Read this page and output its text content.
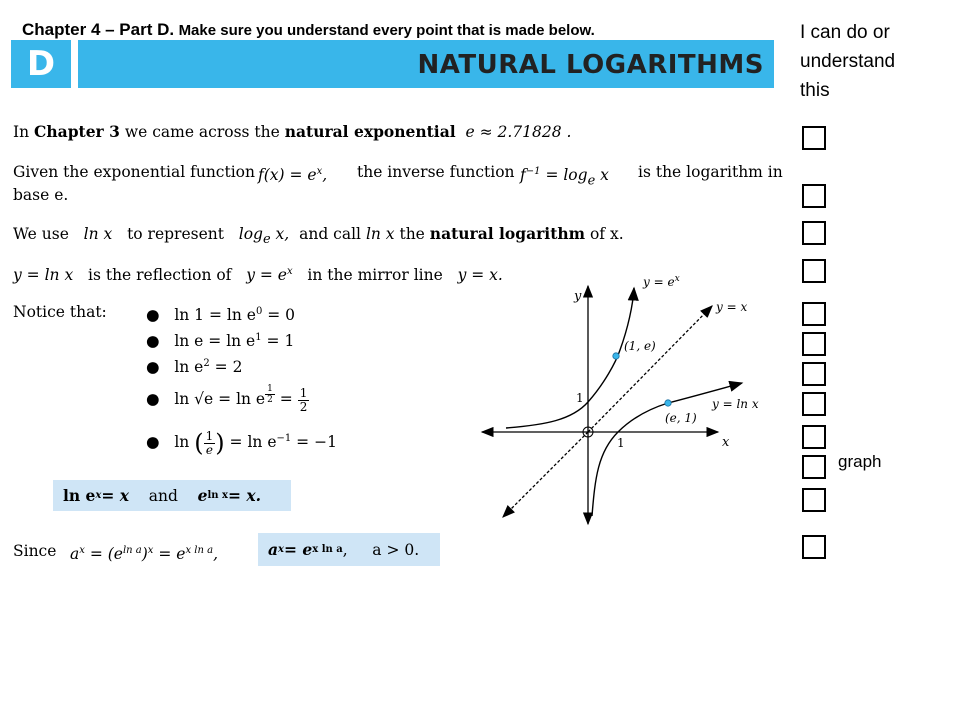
Chapter 4 – Part D. Make sure you understand every point that is made below.
D	NATURAL LOGARITHMS
I can do or
understand
this
graph
In Chapter 3 we came across the natural exponential e ≈ 2.71828 .
Given the exponential function $f(x) = e^x$, the inverse function $f^{-1} = \log_e x$ is the logarithm in
base e.
We use ln x to represent $\log_e x$, and call ln x the natural logarithm of x.
y = ln x is the reflection of $y = e^x$ in the mirror line y = x.
Notice that:	● $\ln 1 = \ln e^0 = 0$
● $\ln e = \ln e^1 = 1$
● $\ln e^2 = 2$
● ln √e = ln e $\frac{1}{2} = \frac{1}{2}$
● ln ( $\frac{1}{e}$ ) = $\ln e^{-1} = -1$
ln e x = x
and
e ln x = x.
Since $a^x = (e^{ln a})^x = e^{x ln a}$,	a x = e x ln a ,     a > 0.
y
x
$y = e^x$
y = x
y = ln x
(1, e)
(e, 1)
1
1
